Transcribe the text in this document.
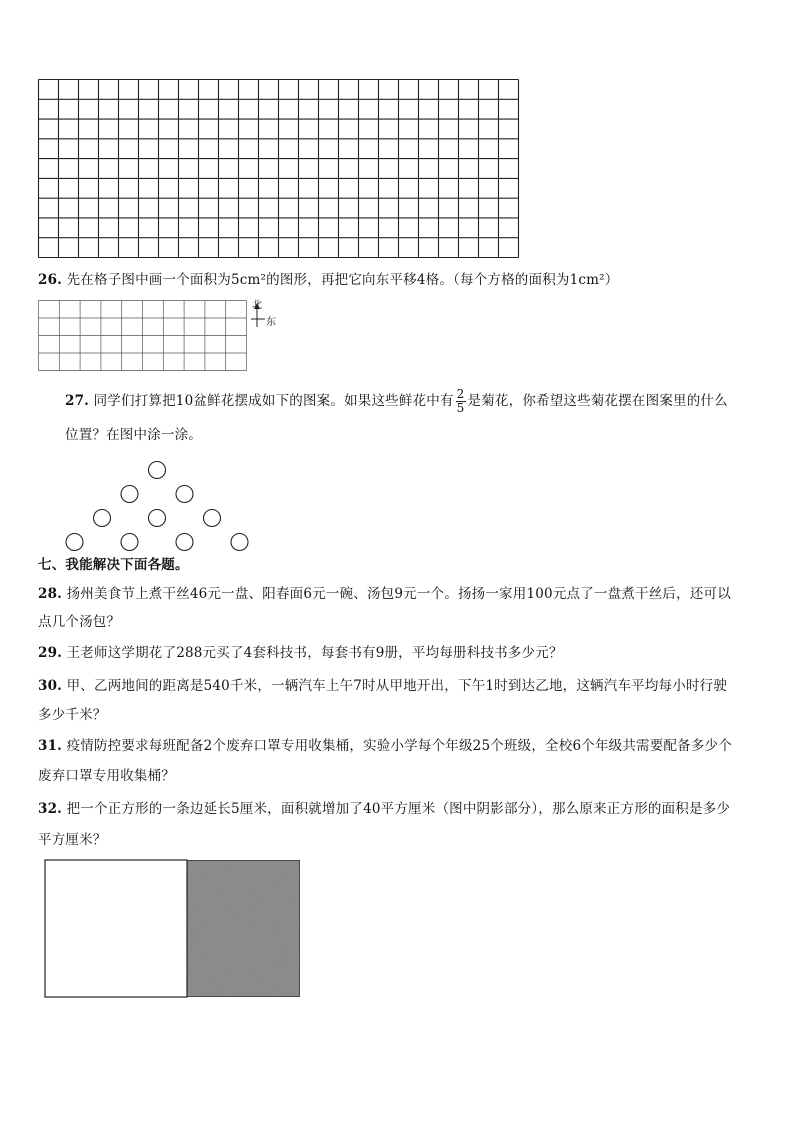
26. 先在格子图中画一个面积为5cm²的图形，再把它向东平移4格。（每个方格的面积为1cm²）
北
东
27. 同学们打算把10盆鲜花摆成如下的图案。如果这些鲜花中有 $\frac{2}{5}$ 是菊花，你希望这些菊花摆在图案里的什么
位置？在图中涂一涂。
七、我能解决下面各题。
28. 扬州美食节上煮干丝46元一盘、阳春面6元一碗、汤包9元一个。扬扬一家用100元点了一盘煮干丝后，还可以
点几个汤包？
29. 王老师这学期花了288元买了4套科技书，每套书有9册，平均每册科技书多少元？
30. 甲、乙两地间的距离是540千米，一辆汽车上午7时从甲地开出，下午1时到达乙地，这辆汽车平均每小时行驶
多少千米？
31. 疫情防控要求每班配备2个废弃口罩专用收集桶，实验小学每个年级25个班级，全校6个年级共需要配备多少个
废弃口罩专用收集桶？
32. 把一个正方形的一条边延长5厘米，面积就增加了40平方厘米（图中阴影部分），那么原来正方形的面积是多少
平方厘米？
